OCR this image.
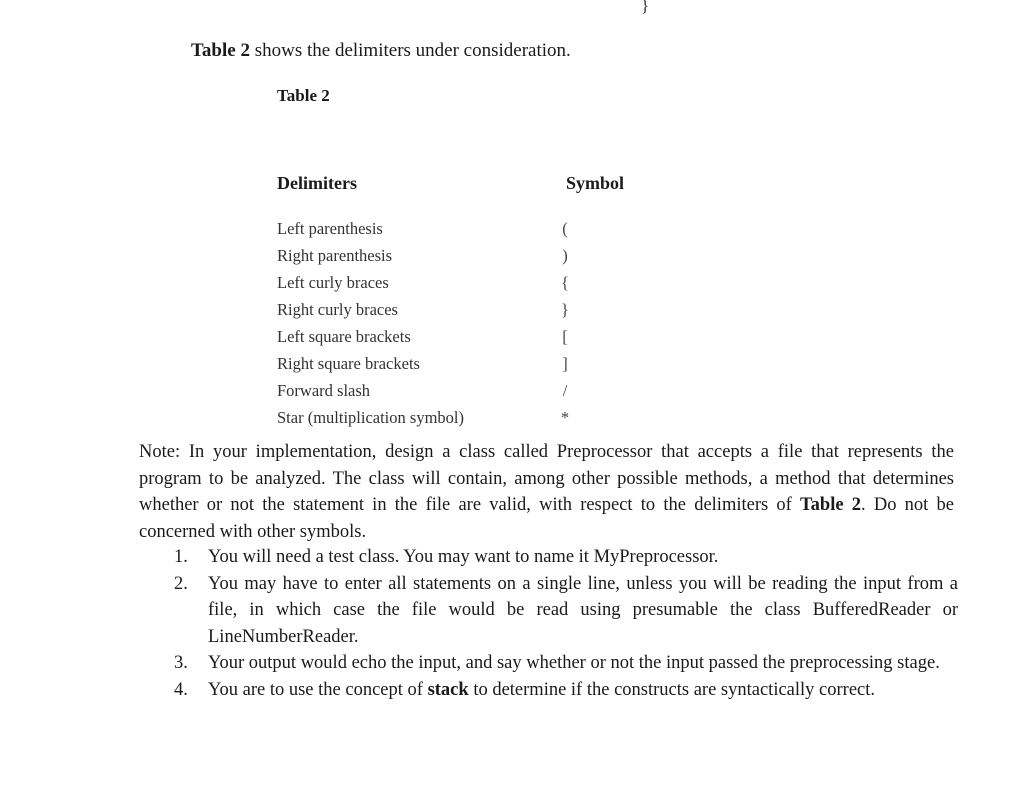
}
Table 2 shows the delimiters under consideration.
Table 2
Delimiters	Symbol
Left parenthesis	(
Right parenthesis	)
Left curly braces	{
Right curly braces	}
Left square brackets	[
Right square brackets	]
Forward slash	/
Star (multiplication symbol)	*
Note: In your implementation, design a class called Preprocessor that accepts a file that represents the program to be analyzed. The class will contain, among other possible methods, a method that determines whether or not the statement in the file are valid, with respect to the delimiters of Table 2. Do not be concerned with other symbols.
1. You will need a test class. You may want to name it MyPreprocessor.
2. You may have to enter all statements on a single line, unless you will be reading the input from a file, in which case the file would be read using presumable the class BufferedReader or LineNumberReader.
3. Your output would echo the input, and say whether or not the input passed the preprocessing stage.
4. You are to use the concept of stack to determine if the constructs are syntactically correct.
